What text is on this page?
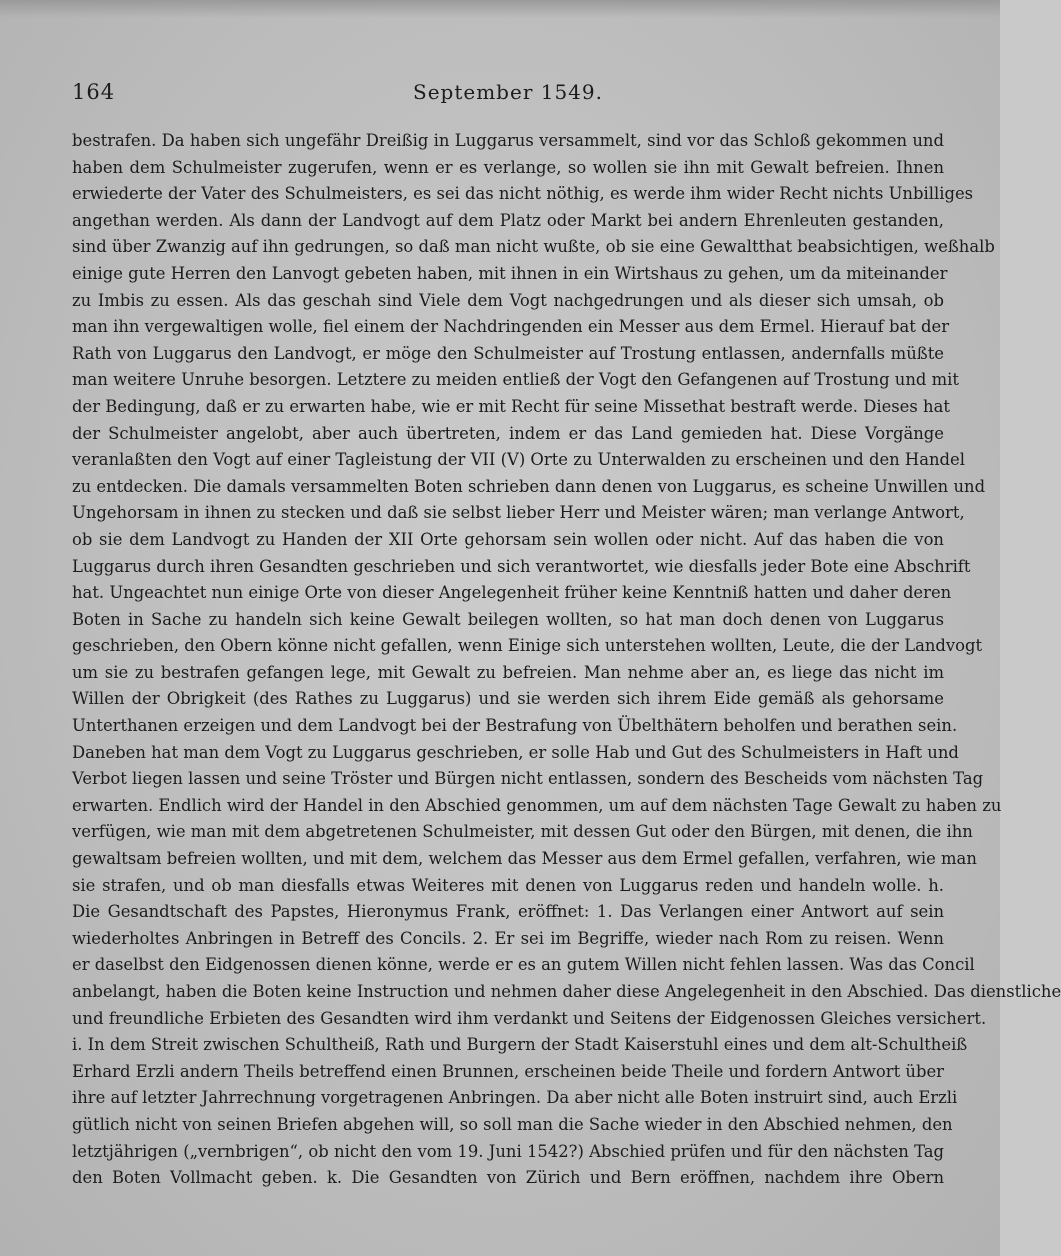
164	September 1549.
bestrafen. Da haben sich ungefähr Dreißig in Luggarus versammelt, sind vor das Schloß gekommen und
haben dem Schulmeister zugerufen, wenn er es verlange, so wollen sie ihn mit Gewalt befreien. Ihnen
erwiederte der Vater des Schulmeisters, es sei das nicht nöthig, es werde ihm wider Recht nichts Unbilliges
angethan werden. Als dann der Landvogt auf dem Platz oder Markt bei andern Ehrenleuten gestanden,
sind über Zwanzig auf ihn gedrungen, so daß man nicht wußte, ob sie eine Gewaltthat beabsichtigen, weßhalb
einige gute Herren den Lanvogt gebeten haben, mit ihnen in ein Wirtshaus zu gehen, um da miteinander
zu Imbis zu essen. Als das geschah sind Viele dem Vogt nachgedrungen und als dieser sich umsah, ob
man ihn vergewaltigen wolle, fiel einem der Nachdringenden ein Messer aus dem Ermel. Hierauf bat der
Rath von Luggarus den Landvogt, er möge den Schulmeister auf Trostung entlassen, andernfalls müßte
man weitere Unruhe besorgen. Letztere zu meiden entließ der Vogt den Gefangenen auf Trostung und mit
der Bedingung, daß er zu erwarten habe, wie er mit Recht für seine Missethat bestraft werde. Dieses hat
der Schulmeister angelobt, aber auch übertreten, indem er das Land gemieden hat. Diese Vorgänge
veranlaßten den Vogt auf einer Tagleistung der VII (V) Orte zu Unterwalden zu erscheinen und den Handel
zu entdecken. Die damals versammelten Boten schrieben dann denen von Luggarus, es scheine Unwillen und
Ungehorsam in ihnen zu stecken und daß sie selbst lieber Herr und Meister wären; man verlange Antwort,
ob sie dem Landvogt zu Handen der XII Orte gehorsam sein wollen oder nicht. Auf das haben die von
Luggarus durch ihren Gesandten geschrieben und sich verantwortet, wie diesfalls jeder Bote eine Abschrift
hat. Ungeachtet nun einige Orte von dieser Angelegenheit früher keine Kenntniß hatten und daher deren
Boten in Sache zu handeln sich keine Gewalt beilegen wollten, so hat man doch denen von Luggarus
geschrieben, den Obern könne nicht gefallen, wenn Einige sich unterstehen wollten, Leute, die der Landvogt
um sie zu bestrafen gefangen lege, mit Gewalt zu befreien. Man nehme aber an, es liege das nicht im
Willen der Obrigkeit (des Rathes zu Luggarus) und sie werden sich ihrem Eide gemäß als gehorsame
Unterthanen erzeigen und dem Landvogt bei der Bestrafung von Übelthätern beholfen und berathen sein.
Daneben hat man dem Vogt zu Luggarus geschrieben, er solle Hab und Gut des Schulmeisters in Haft und
Verbot liegen lassen und seine Tröster und Bürgen nicht entlassen, sondern des Bescheids vom nächsten Tag
erwarten. Endlich wird der Handel in den Abschied genommen, um auf dem nächsten Tage Gewalt zu haben zu
verfügen, wie man mit dem abgetretenen Schulmeister, mit dessen Gut oder den Bürgen, mit denen, die ihn
gewaltsam befreien wollten, und mit dem, welchem das Messer aus dem Ermel gefallen, verfahren, wie man
sie strafen, und ob man diesfalls etwas Weiteres mit denen von Luggarus reden und handeln wolle. h.
Die Gesandtschaft des Papstes, Hieronymus Frank, eröffnet: 1. Das Verlangen einer Antwort auf sein
wiederholtes Anbringen in Betreff des Concils. 2. Er sei im Begriffe, wieder nach Rom zu reisen. Wenn
er daselbst den Eidgenossen dienen könne, werde er es an gutem Willen nicht fehlen lassen. Was das Concil
anbelangt, haben die Boten keine Instruction und nehmen daher diese Angelegenheit in den Abschied. Das dienstliche
und freundliche Erbieten des Gesandten wird ihm verdankt und Seitens der Eidgenossen Gleiches versichert.
i. In dem Streit zwischen Schultheiß, Rath und Burgern der Stadt Kaiserstuhl eines und dem alt-Schultheiß
Erhard Erzli andern Theils betreffend einen Brunnen, erscheinen beide Theile und fordern Antwort über
ihre auf letzter Jahrrechnung vorgetragenen Anbringen. Da aber nicht alle Boten instruirt sind, auch Erzli
gütlich nicht von seinen Briefen abgehen will, so soll man die Sache wieder in den Abschied nehmen, den
letztjährigen („vernbrigen“, ob nicht den vom 19. Juni 1542?) Abschied prüfen und für den nächsten Tag
den Boten Vollmacht geben. k. Die Gesandten von Zürich und Bern eröffnen, nachdem ihre Obern
